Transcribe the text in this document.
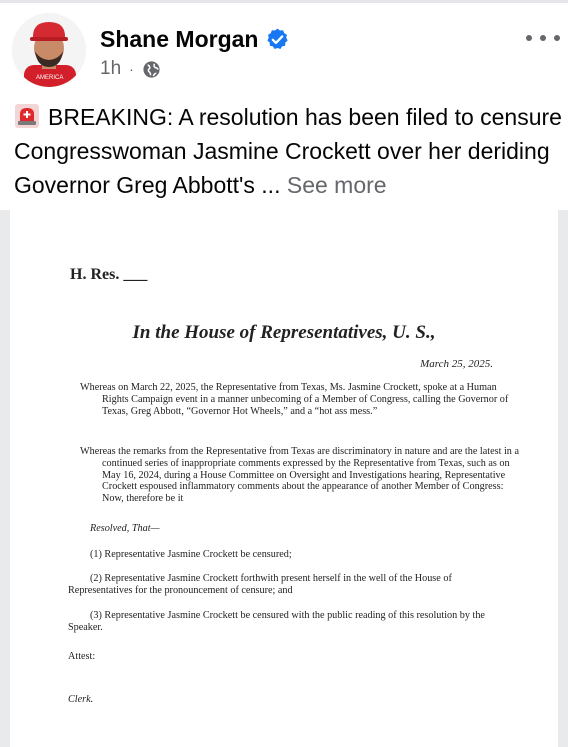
AMERICA
Shane Morgan
1h ·
BREAKING: A resolution has been filed to censure Congresswoman Jasmine Crockett over her deriding Governor Greg Abbott's ... See more
H. Res. ___
In the House of Representatives, U. S.,
March 25, 2025.
Whereas on March 22, 2025, the Representative from Texas, Ms. Jasmine Crockett, spoke at a Human Rights Campaign event in a manner unbecoming of a Member of Congress, calling the Governor of Texas, Greg Abbott, “Governor Hot Wheels,” and a “hot ass mess.”
Whereas the remarks from the Representative from Texas are discriminatory in nature and are the latest in a continued series of inappropriate comments expressed by the Representative from Texas, such as on May 16, 2024, during a House Committee on Oversight and Investigations hearing, Representative Crockett espoused inflammatory comments about the appearance of another Member of Congress: Now, therefore be it
Resolved, That—
(1) Representative Jasmine Crockett be censured;
(2) Representative Jasmine Crockett forthwith present herself in the well of the House of Representatives for the pronouncement of censure; and
(3) Representative Jasmine Crockett be censured with the public reading of this resolution by the Speaker.
Attest:
Clerk.
